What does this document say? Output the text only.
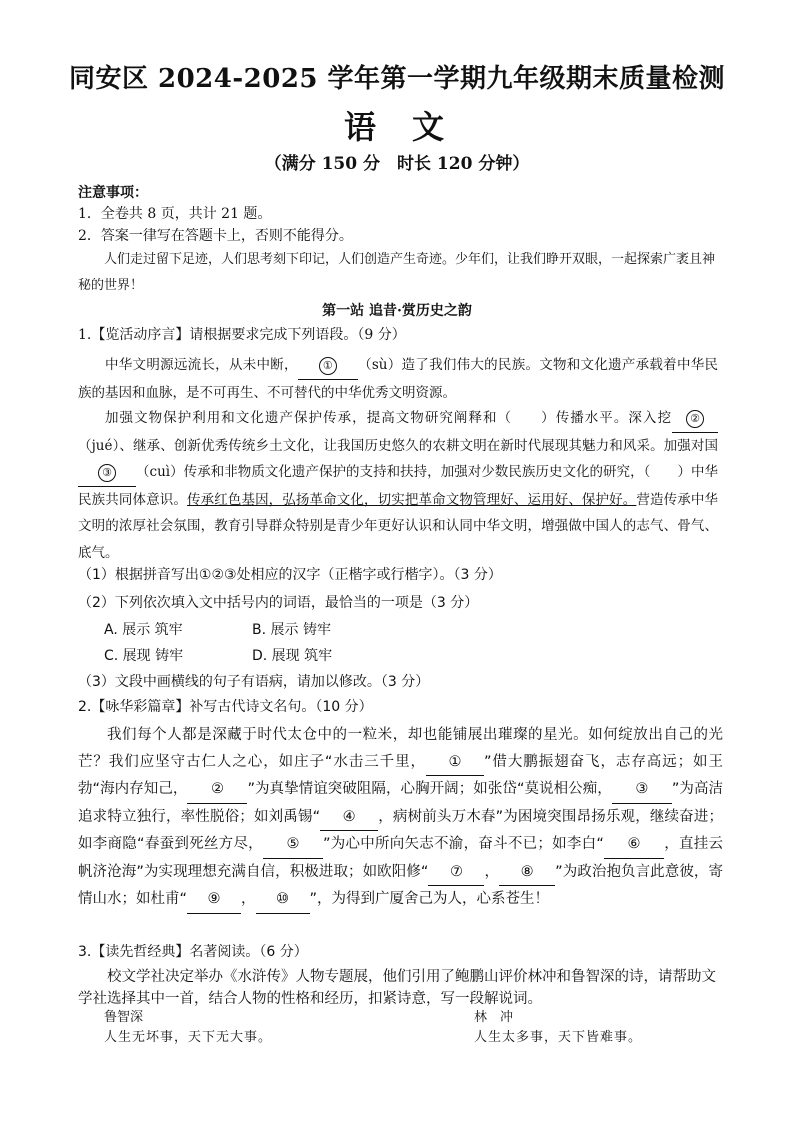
同安区 2024-2025 学年第一学期九年级期末质量检测
语文
（满分 150 分　时长 120 分钟）
注意事项：
1．全卷共 8 页，共计 21 题。
2．答案一律写在答题卡上，否则不能得分。
人们走过留下足迹，人们思考刻下印记，人们创造产生奇迹。少年们，让我们睁开双眼，一起探索广袤且神秘的世界！
第一站 追昔·赏历史之韵
1.【览活动序言】请根据要求完成下列语段。（9 分）
中华文明源远流长，从未中断， ① （sù）造了我们伟大的民族。文物和文化遗产承载着中华民族的基因和血脉，是不可再生、不可替代的中华优秀文明资源。
加强文物保护利用和文化遗产保护传承，提高文物研究阐释和（　　）传播水平。深入挖 ②（jué）、继承、创新优秀传统乡土文化，让我国历史悠久的农耕文明在新时代展现其魅力和风采。加强对国③ （cuì）传承和非物质文化遗产保护的支持和扶持，加强对少数民族历史文化的研究，（　　）中华民族共同体意识。传承红色基因，弘扬革命文化，切实把革命文物管理好、运用好、保护好。营造传承中华文明的浓厚社会氛围，教育引导群众特别是青少年更好认识和认同中华文明，增强做中国人的志气、骨气、底气。
（1）根据拼音写出①②③处相应的汉字（正楷字或行楷字）。（3 分）
（2）下列依次填入文中括号内的词语，最恰当的一项是（3 分）
A. 展示 筑牢	B. 展示 铸牢
C. 展现 铸牢	D. 展现 筑牢
（3）文段中画横线的句子有语病，请加以修改。（3 分）
2.【咏华彩篇章】补写古代诗文名句。（10 分）
我们每个人都是深藏于时代太仓中的一粒米，却也能铺展出璀璨的星光。如何绽放出自己的光芒？我们应坚守古仁人之心，如庄子“水击三千里， ① ”借大鹏振翅奋飞，志存高远；如王勃“海内存知己， ② ”为真挚情谊突破阻隔，心胸开阔；如张岱“莫说相公痴， ③ ”为高洁追求特立独行，率性脱俗；如刘禹锡“ ④ ，病树前头万木春”为困境突围昂扬乐观，继续奋进；如李商隐“春蚕到死丝方尽， ⑤ ”为心中所向矢志不渝，奋斗不已；如李白“ ⑥ ，直挂云帆济沧海”为实现理想充满自信，积极进取；如欧阳修“ ⑦ ， ⑧ ”为政治抱负言此意彼，寄情山水；如杜甫“ ⑨ ， ⑩ ”，为得到广厦舍己为人，心系苍生！
3.【读先哲经典】名著阅读。（6 分）
校文学社决定举办《水浒传》人物专题展，他们引用了鲍鹏山评价林冲和鲁智深的诗，请帮助文学社选择其中一首，结合人物的性格和经历，扣紧诗意，写一段解说词。
鲁智深
人生无坏事，天下无大事。
林　冲
人生太多事，天下皆难事。
